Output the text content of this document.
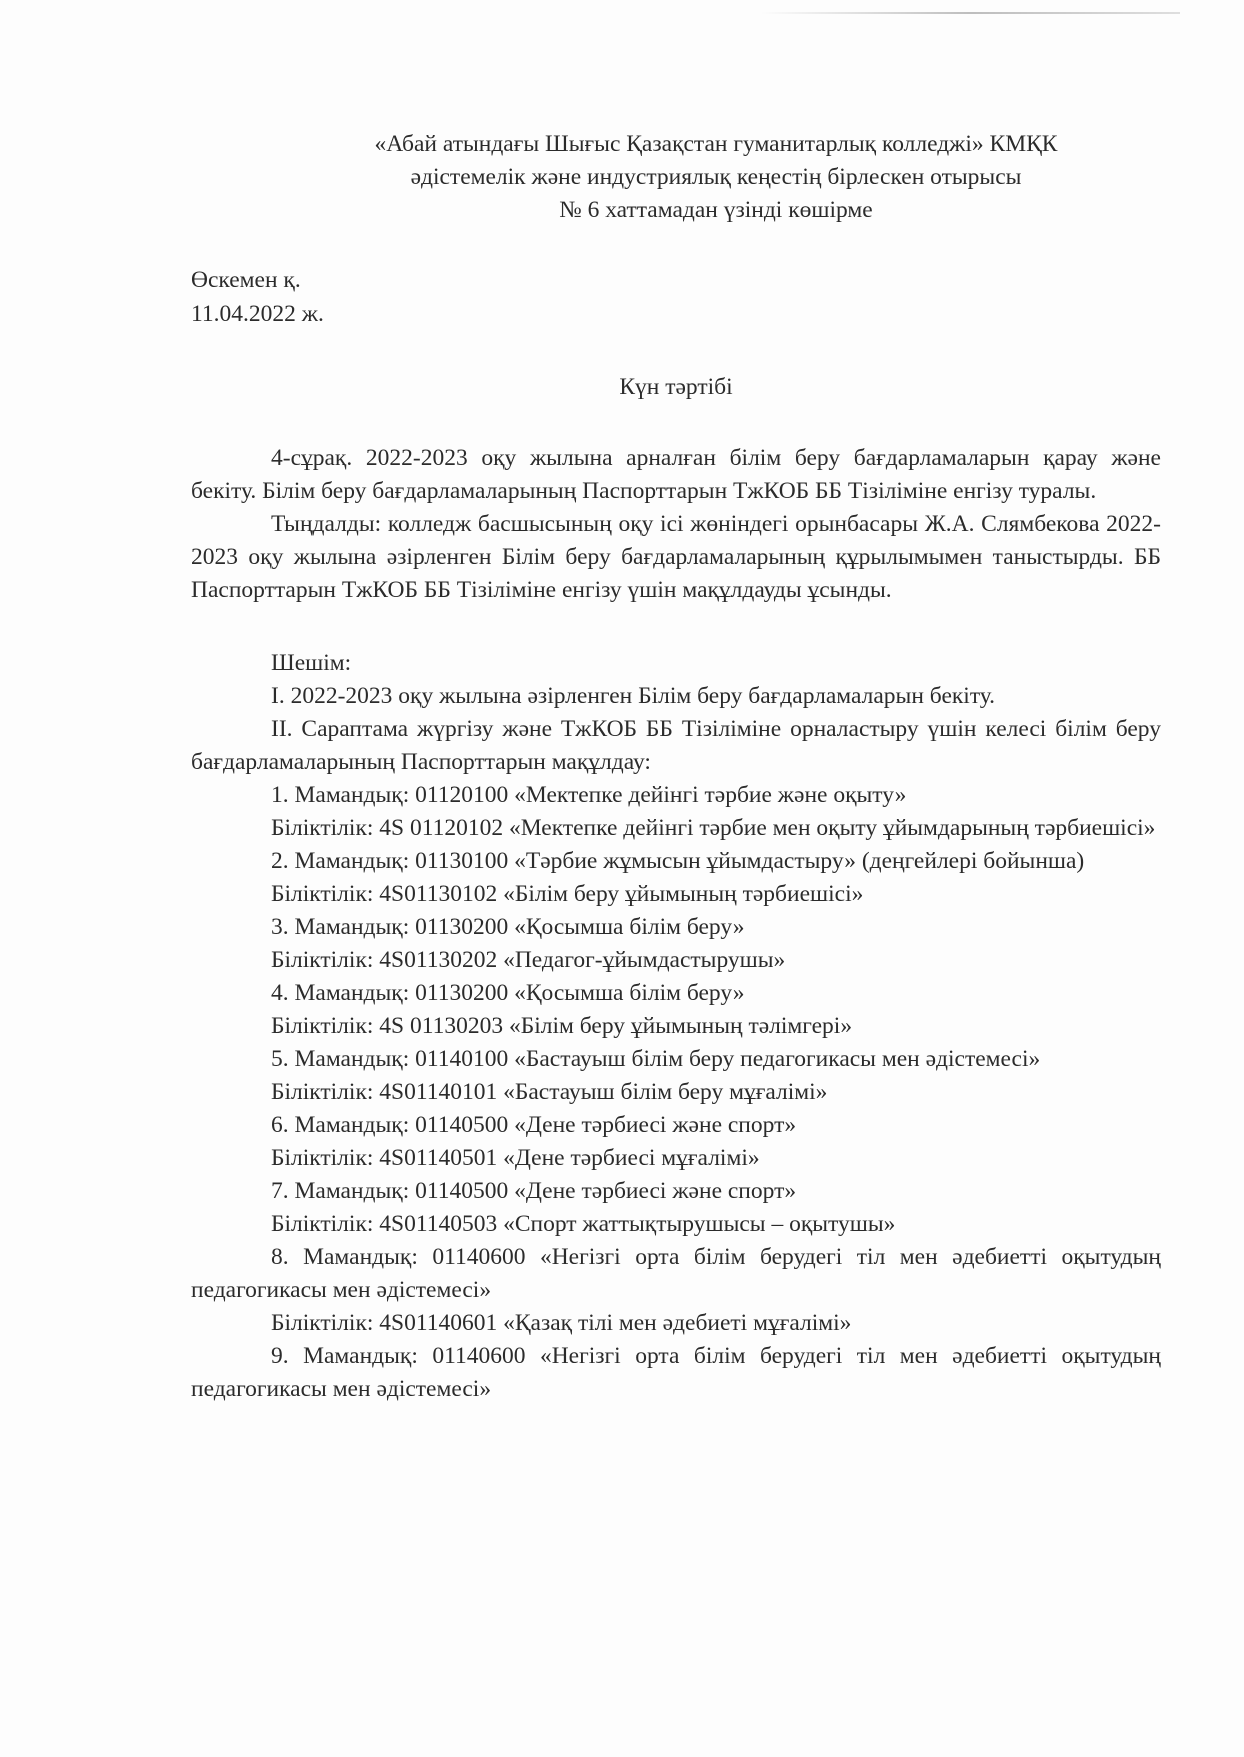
«Абай атындағы Шығыс Қазақстан гуманитарлық колледжі» КМҚК
әдістемелік және индустриялық кеңестің бірлескен отырысы
№ 6 хаттамадан үзінді көшірме
Өскемен қ.
11.04.2022 ж.
Күн тәртібі

4-сұрақ. 2022-2023 оқу жылына арналған білім беру бағдарламаларын қарау және бекіту. Білім беру бағдарламаларының Паспорттарын ТжКОБ ББ Тізіліміне енгізу туралы.

Тыңдалды: колледж басшысының оқу ісі жөніндегі орынбасары Ж.А. Слямбекова 2022-2023 оқу жылына әзірленген Білім беру бағдарламаларының құрылымымен таныстырды. ББ Паспорттарын ТжКОБ ББ Тізіліміне енгізу үшін мақұлдауды ұсынды.

Шешім:

I. 2022-2023 оқу жылына әзірленген Білім беру бағдарламаларын бекіту.

II. Сараптама жүргізу және ТжКОБ ББ Тізіліміне орналастыру үшін келесі білім беру бағдарламаларының Паспорттарын мақұлдау:

1. Мамандық: 01120100 «Мектепке дейінгі тәрбие және оқыту»

Біліктілік: 4S 01120102 «Мектепке дейінгі тәрбие мен оқыту ұйымдарының тәрбиешісі»

2. Мамандық: 01130100 «Тәрбие жұмысын ұйымдастыру» (деңгейлері бойынша)

Біліктілік: 4S01130102 «Білім беру ұйымының тәрбиешісі»

3. Мамандық: 01130200 «Қосымша білім беру»

Біліктілік: 4S01130202 «Педагог-ұйымдастырушы»

4. Мамандық: 01130200 «Қосымша білім беру»

Біліктілік: 4S 01130203 «Білім беру ұйымының тәлімгері»

5. Мамандық: 01140100 «Бастауыш білім беру педагогикасы мен әдістемесі»

Біліктілік: 4S01140101 «Бастауыш білім беру мұғалімі»

6. Мамандық: 01140500 «Дене тәрбиесі және спорт»

Біліктілік: 4S01140501 «Дене тәрбиесі мұғалімі»

7. Мамандық: 01140500 «Дене тәрбиесі және спорт»

Біліктілік: 4S01140503 «Спорт жаттықтырушысы – оқытушы»

8. Мамандық: 01140600 «Негізгі орта білім берудегі тіл мен әдебиетті оқытудың педагогикасы мен әдістемесі»

Біліктілік: 4S01140601 «Қазақ тілі мен әдебиеті мұғалімі»

9. Мамандық: 01140600 «Негізгі орта білім берудегі тіл мен әдебиетті оқытудың педагогикасы мен әдістемесі»
